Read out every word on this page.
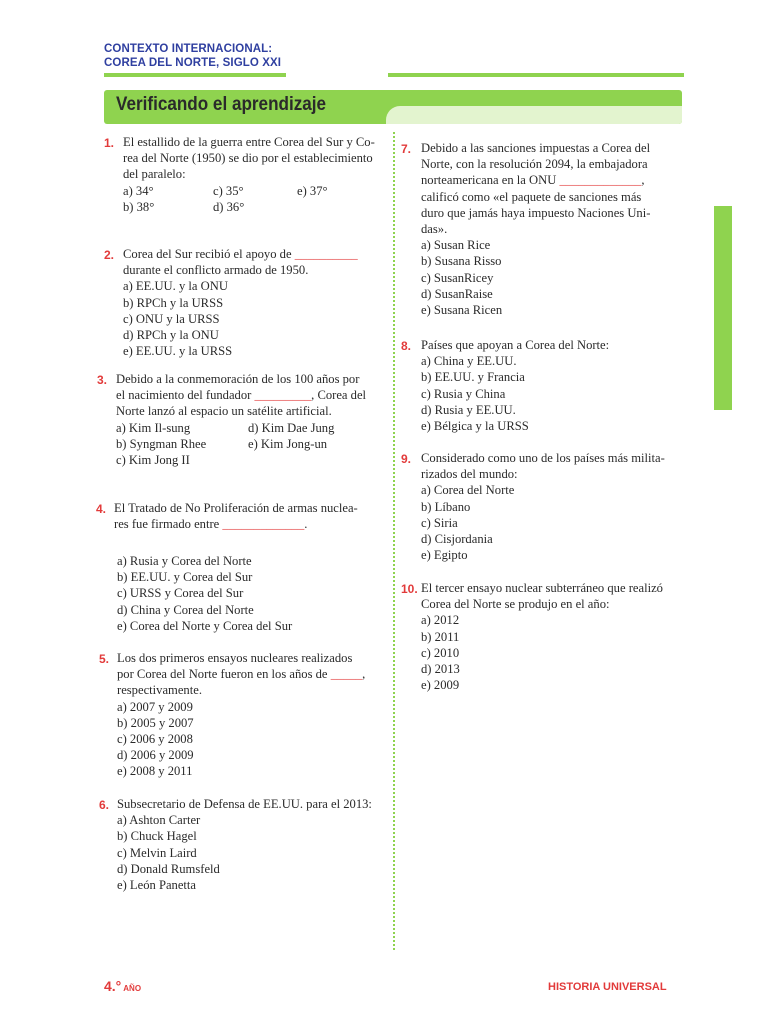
CONTEXTO INTERNACIONAL:
COREA DEL NORTE, SIGLO XXI
Verificando el aprendizaje
1. El estallido de la guerra entre Corea del Sur y Co-
rea del Norte (1950) se dio por el establecimiento
del paralelo:
a) 34°	c) 35°	e) 37°
b) 38°	d) 36°
2. Corea del Sur recibió el apoyo de __________
durante el conflicto armado de 1950.
a) EE.UU. y la ONU
b) RPCh y la URSS
c) ONU y la URSS
d) RPCh y la ONU
e) EE.UU. y la URSS
3. Debido a la conmemoración de los 100 años por
el nacimiento del fundador _________, Corea del
Norte lanzó al espacio un satélite artificial.
a) Kim Il-sung	d) Kim Dae Jung
b) Syngman Rhee	e) Kim Jong-un
c) Kim Jong II
4. El Tratado de No Proliferación de armas nuclea-
res fue firmado entre _____________.
a) Rusia y Corea del Norte
b) EE.UU. y Corea del Sur
c) URSS y Corea del Sur
d) China y Corea del Norte
e) Corea del Norte y Corea del Sur
5. Los dos primeros ensayos nucleares realizados
por Corea del Norte fueron en los años de _____,
respectivamente.
a) 2007 y 2009
b) 2005 y 2007
c) 2006 y 2008
d) 2006 y 2009
e) 2008 y 2011
6. Subsecretario de Defensa de EE.UU. para el 2013:
a) Ashton Carter
b) Chuck Hagel
c) Melvin Laird
d) Donald Rumsfeld
e) León Panetta
7. Debido a las sanciones impuestas a Corea del
Norte, con la resolución 2094, la embajadora
norteamericana en la ONU _____________,
calificó como «el paquete de sanciones más
duro que jamás haya impuesto Naciones Uni-
das».
a) Susan Rice
b) Susana Risso
c) SusanRicey
d) SusanRaise
e) Susana Ricen
8. Países que apoyan a Corea del Norte:
a) China y EE.UU.
b) EE.UU. y Francia
c) Rusia y China
d) Rusia y EE.UU.
e) Bélgica y la URSS
9. Considerado como uno de los países más milita-
rizados del mundo:
a) Corea del Norte
b) Líbano
c) Siria
d) Cisjordania
e) Egipto
10. El tercer ensayo nuclear subterráneo que realizó
Corea del Norte se produjo en el año:
a) 2012
b) 2011
c) 2010
d) 2013
e) 2009
4.° AÑO	HISTORIA UNIVERSAL
